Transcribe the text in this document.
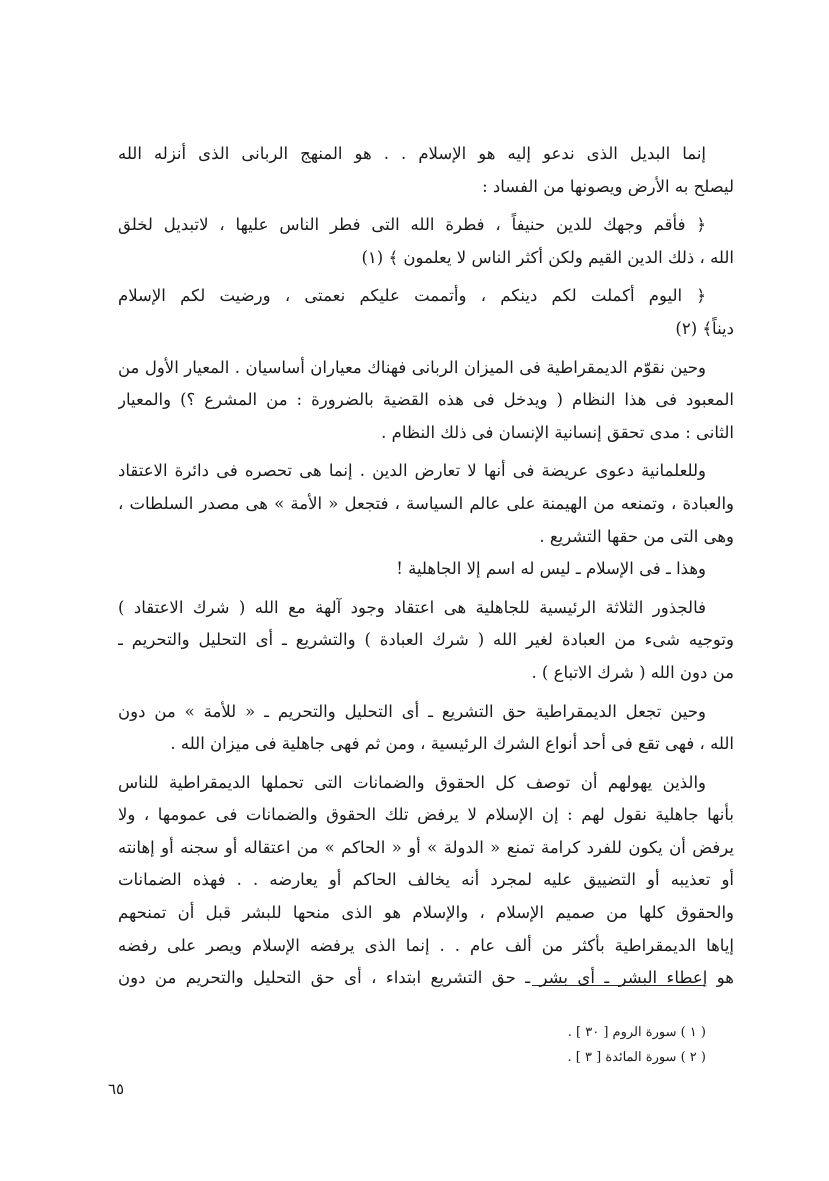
إنما البديل الذى ندعو إليه هو الإسلام . . هو المنهج الربانى الذى أنزله الله
ليصلح به الأرض ويصونها من الفساد :
﴿ فأقم وجهك للدين حنيفاً ، فطرة الله التى فطر الناس عليها ، لاتبديل لخلق
الله ، ذلك الدين القيم ولكن أكثر الناس لا يعلمون ﴾ (١)
﴿ اليوم أكملت لكم دينكم ، وأتممت عليكم نعمتى ، ورضيت لكم الإسلام
ديناً﴾ (٢)
وحين نقوّم الديمقراطية فى الميزان الربانى فهناك معياران أساسيان . المعيار الأول من
المعبود فى هذا النظام ( ويدخل فى هذه القضية بالضرورة : من المشرع ؟) والمعيار
الثانى : مدى تحقق إنسانية الإنسان فى ذلك النظام .
وللعلمانية دعوى عريضة فى أنها لا تعارض الدين . إنما هى تحصره فى دائرة الاعتقاد
والعبادة ، وتمنعه من الهيمنة على عالم السياسة ، فتجعل « الأمة » هى مصدر السلطات ،
وهى التى من حقها التشريع .
وهذا ـ فى الإسلام ـ ليس له اسم إلا الجاهلية !
فالجذور الثلاثة الرئيسية للجاهلية هى اعتقاد وجود آلهة مع الله ( شرك الاعتقاد )
وتوجيه شىء من العبادة لغير الله ( شرك العبادة ) والتشريع ـ أى التحليل والتحريم ـ
من دون الله ( شرك الاتباع ) .
وحين تجعل الديمقراطية حق التشريع ـ أى التحليل والتحريم ـ « للأمة » من دون
الله ، فهى تقع فى أحد أنواع الشرك الرئيسية ، ومن ثم فهى جاهلية فى ميزان الله .
والذين يهولهم أن توصف كل الحقوق والضمانات التى تحملها الديمقراطية للناس
بأنها جاهلية نقول لهم : إن الإسلام لا يرفض تلك الحقوق والضمانات فى عمومها ، ولا
يرفض أن يكون للفرد كرامة تمنع « الدولة » أو « الحاكم » من اعتقاله أو سجنه أو إهانته
أو تعذيبه أو التضييق عليه لمجرد أنه يخالف الحاكم أو يعارضه . . فهذه الضمانات
والحقوق كلها من صميم الإسلام ، والإسلام هو الذى منحها للبشر قبل أن تمنحهم
إياها الديمقراطية بأكثر من ألف عام . . إنما الذى يرفضه الإسلام ويصر على رفضه
هو إعطاء البشر ـ أى بشر ـ حق التشريع ابتداء ، أى حق التحليل والتحريم من دون
( ١ ) سورة الروم [ ٣٠ ] .
( ٢ ) سورة المائدة [ ٣ ] .
٦٥
